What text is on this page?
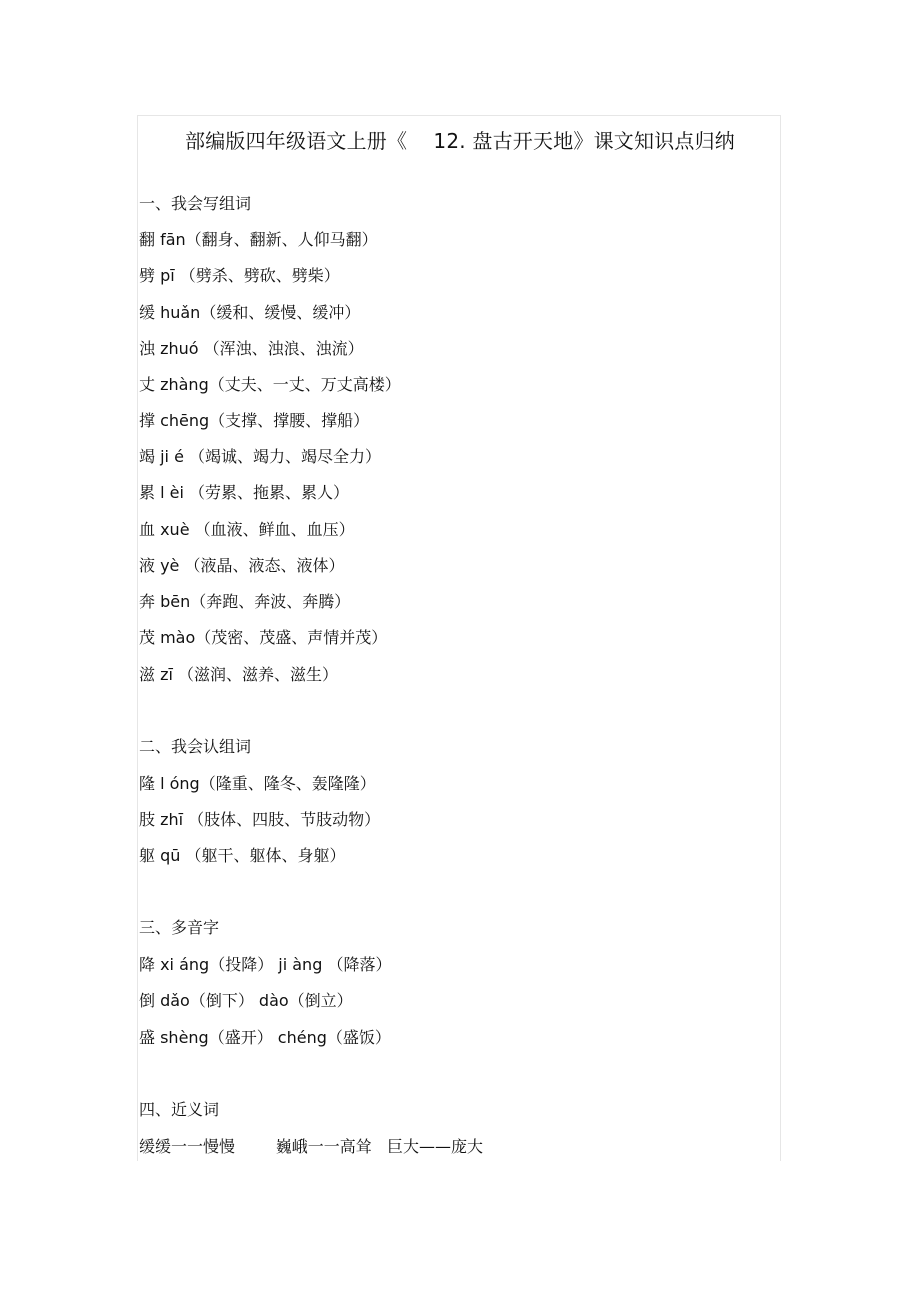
部编版四年级语文上册《    12. 盘古开天地》课文知识点归纳
一、我会写组词
翻 fān（翻身、翻新、人仰马翻）
劈 pī （劈杀、劈砍、劈柴）
缓 huǎn（缓和、缓慢、缓冲）
浊 zhuó （浑浊、浊浪、浊流）
丈 zhàng（丈夫、一丈、万丈高楼）
撑 chēng（支撑、撑腰、撑船）
竭 ji é （竭诚、竭力、竭尽全力）
累 l èi （劳累、拖累、累人）
血 xuè （血液、鲜血、血压）
液 yè （液晶、液态、液体）
奔 bēn（奔跑、奔波、奔腾）
茂 mào（茂密、茂盛、声情并茂）
滋 zī （滋润、滋养、滋生）
二、我会认组词
隆 l óng（隆重、隆冬、轰隆隆）
肢 zhī （肢体、四肢、节肢动物）
躯 qū （躯干、躯体、身躯）
三、多音字
降 xi áng（投降） ji àng （降落）
倒 dǎo（倒下） dào（倒立）
盛 shèng（盛开） chéng（盛饭）
四、近义词
缓缓一一慢慢        巍峨一一高耸   巨大——庞大
